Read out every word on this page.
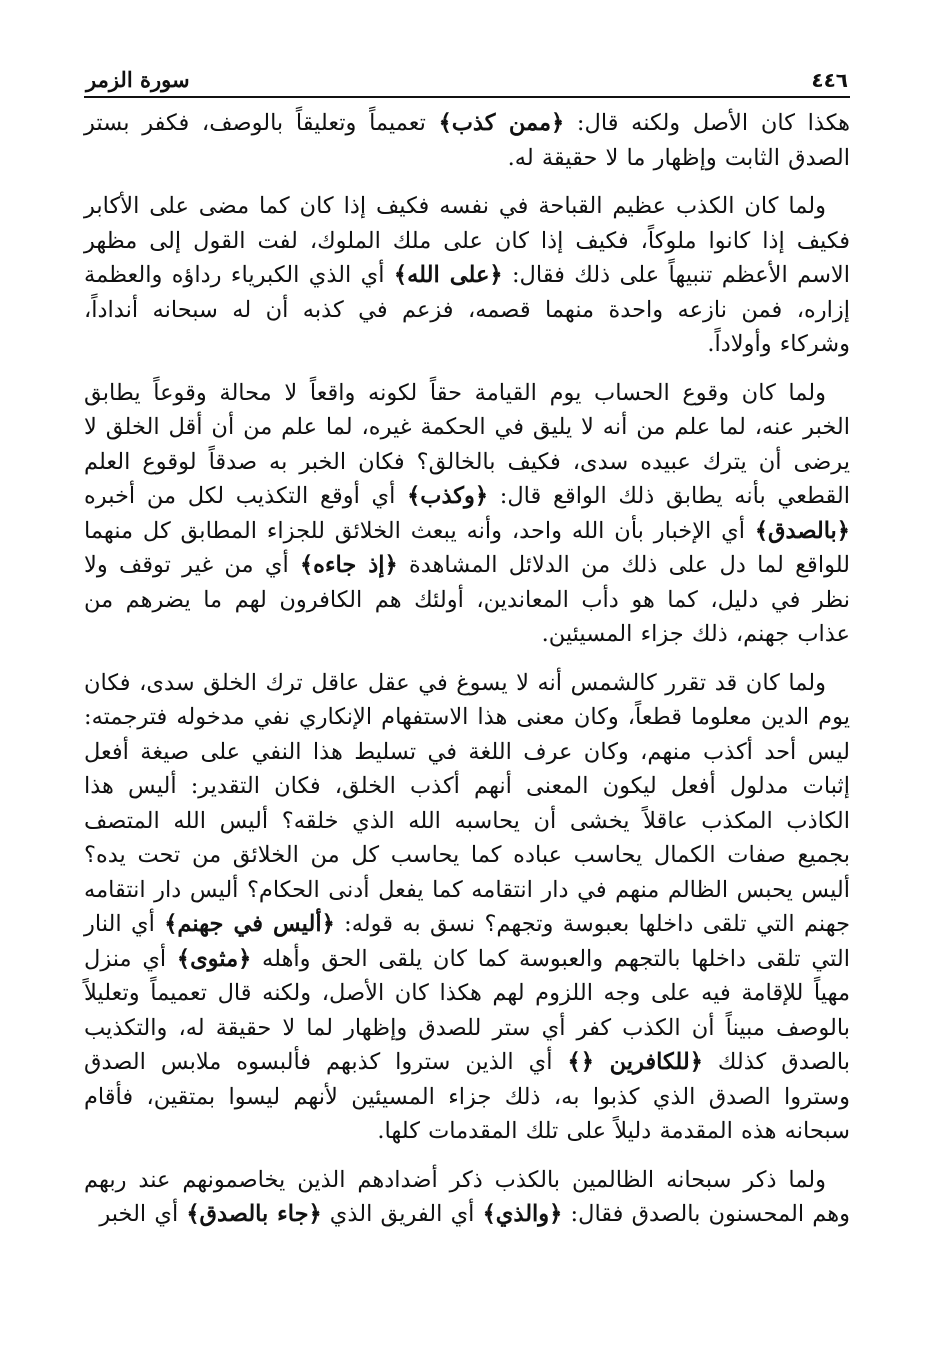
٤٤٦
سورة الزمر

هكذا كان الأصل ولكنه قال: ﴿ممن كذب﴾ تعميماً وتعليقاً بالوصف، فكفر بستر الصدق الثابت وإظهار ما لا حقيقة له.

ولما كان الكذب عظيم القباحة في نفسه فكيف إذا كان كما مضى على الأكابر فكيف إذا كانوا ملوكاً، فكيف إذا كان على ملك الملوك، لفت القول إلى مظهر الاسم الأعظم تنبيهاً على ذلك فقال: ﴿على الله﴾ أي الذي الكبرياء رداؤه والعظمة إزاره، فمن نازعه واحدة منهما قصمه، فزعم في كذبه أن له سبحانه أنداداً، وشركاء وأولاداً.

ولما كان وقوع الحساب يوم القيامة حقاً لكونه واقعاً لا محالة وقوعاً يطابق الخبر عنه، لما علم من أنه لا يليق في الحكمة غيره، لما علم من أن أقل الخلق لا يرضى أن يترك عبيده سدى، فكيف بالخالق؟ فكان الخبر به صدقاً لوقوع العلم القطعي بأنه يطابق ذلك الواقع قال: ﴿وكذب﴾ أي أوقع التكذيب لكل من أخبره ﴿بالصدق﴾ أي الإخبار بأن الله واحد، وأنه يبعث الخلائق للجزاء المطابق كل منهما للواقع لما دل على ذلك من الدلائل المشاهدة ﴿إذ جاءه﴾ أي من غير توقف ولا نظر في دليل، كما هو دأب المعاندين، أولئك هم الكافرون لهم ما يضرهم من عذاب جهنم، ذلك جزاء المسيئين.

ولما كان قد تقرر كالشمس أنه لا يسوغ في عقل عاقل ترك الخلق سدى، فكان يوم الدين معلوما قطعاً، وكان معنى هذا الاستفهام الإنكاري نفي مدخوله فترجمته: ليس أحد أكذب منهم، وكان عرف اللغة في تسليط هذا النفي على صيغة أفعل إثبات مدلول أفعل ليكون المعنى أنهم أكذب الخلق، فكان التقدير: أليس هذا الكاذب المكذب عاقلاً يخشى أن يحاسبه الله الذي خلقه؟ أليس الله المتصف بجميع صفات الكمال يحاسب عباده كما يحاسب كل من الخلائق من تحت يده؟ أليس يحبس الظالم منهم في دار انتقامه كما يفعل أدنى الحكام؟ أليس دار انتقامه جهنم التي تلقى داخلها بعبوسة وتجهم؟ نسق به قوله: ﴿أليس في جهنم﴾ أي النار التي تلقى داخلها بالتجهم والعبوسة كما كان يلقى الحق وأهله ﴿مثوى﴾ أي منزل مهياً للإقامة فيه على وجه اللزوم لهم هكذا كان الأصل، ولكنه قال تعميماً وتعليلاً بالوصف مبيناً أن الكذب كفر أي ستر للصدق وإظهار لما لا حقيقة له، والتكذيب بالصدق كذلك ﴿للكافرين ﴿﴾ أي الذين ستروا كذبهم فألبسوه ملابس الصدق وستروا الصدق الذي كذبوا به، ذلك جزاء المسيئين لأنهم ليسوا بمتقين، فأقام سبحانه هذه المقدمة دليلاً على تلك المقدمات كلها.

ولما ذكر سبحانه الظالمين بالكذب ذكر أضدادهم الذين يخاصمونهم عند ربهم وهم المحسنون بالصدق فقال: ﴿والذي﴾ أي الفريق الذي ﴿جاء بالصدق﴾ أي الخبر
